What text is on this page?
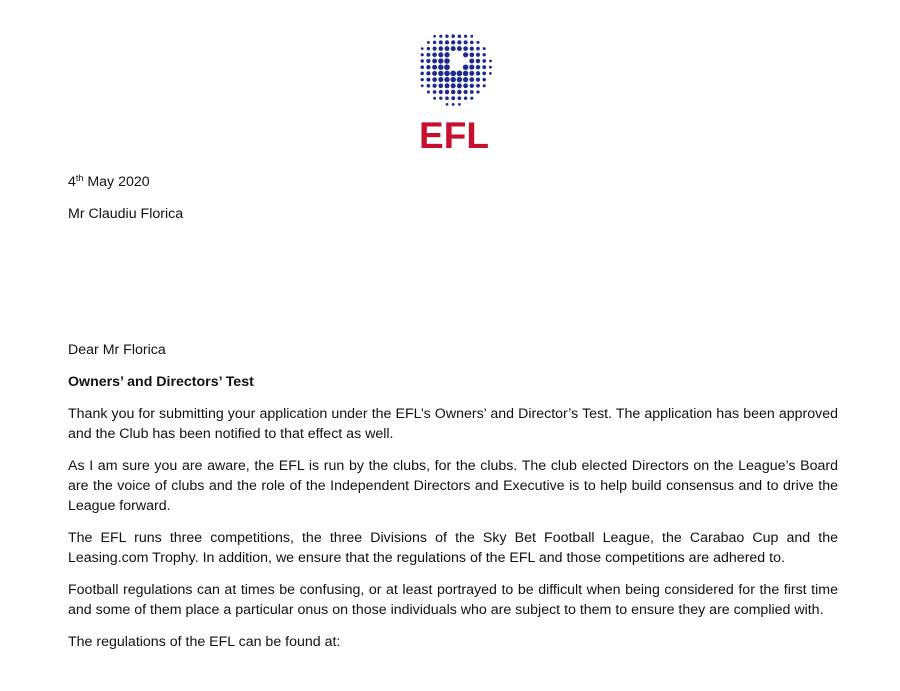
EFL

4th May 2020

Mr Claudiu Florica

Dear Mr Florica

Owners’ and Directors’ Test

Thank you for submitting your application under the EFL’s Owners’ and Director’s Test. The application has been approved and the Club has been notified to that effect as well.

As I am sure you are aware, the EFL is run by the clubs, for the clubs. The club elected Directors on the League’s Board are the voice of clubs and the role of the Independent Directors and Executive is to help build consensus and to drive the League forward.

The EFL runs three competitions, the three Divisions of the Sky Bet Football League, the Carabao Cup and the Leasing.com Trophy. In addition, we ensure that the regulations of the EFL and those competitions are adhered to.

Football regulations can at times be confusing, or at least portrayed to be difficult when being considered for the first time and some of them place a particular onus on those individuals who are subject to them to ensure they are complied with.

The regulations of the EFL can be found at:
